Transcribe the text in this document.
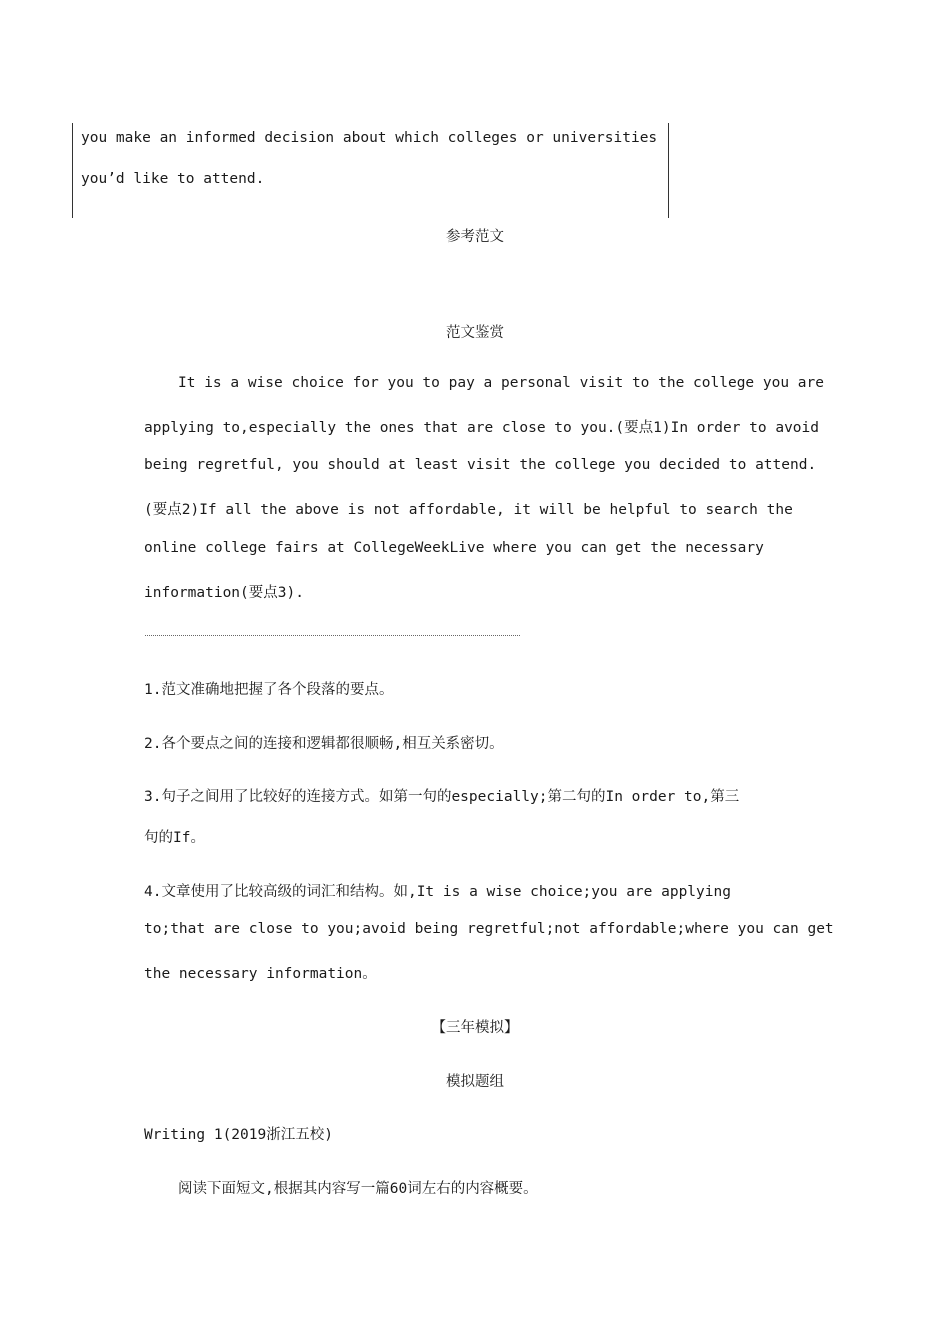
you make an informed decision about which colleges or universities
you’d like to attend.
参考范文
范文鉴赏
It is a wise choice for you to pay a personal visit to the college you are
applying to,especially the ones that are close to you.(要点1)In order to avoid
being regretful, you should at least visit the college you decided to attend.
(要点2)If all the above is not affordable, it will be helpful to search the
online college fairs at CollegeWeekLive where you can get the necessary
information(要点3).
1.范文准确地把握了各个段落的要点。
2.各个要点之间的连接和逻辑都很顺畅,相互关系密切。
3.句子之间用了比较好的连接方式。如第一句的especially;第二句的In order to,第三
句的If。
4.文章使用了比较高级的词汇和结构。如,It is a wise choice;you are applying
to;that are close to you;avoid being regretful;not affordable;where you can get
the necessary information。
【三年模拟】
模拟题组
Writing 1(2019浙江五校)
阅读下面短文,根据其内容写一篇60词左右的内容概要。
